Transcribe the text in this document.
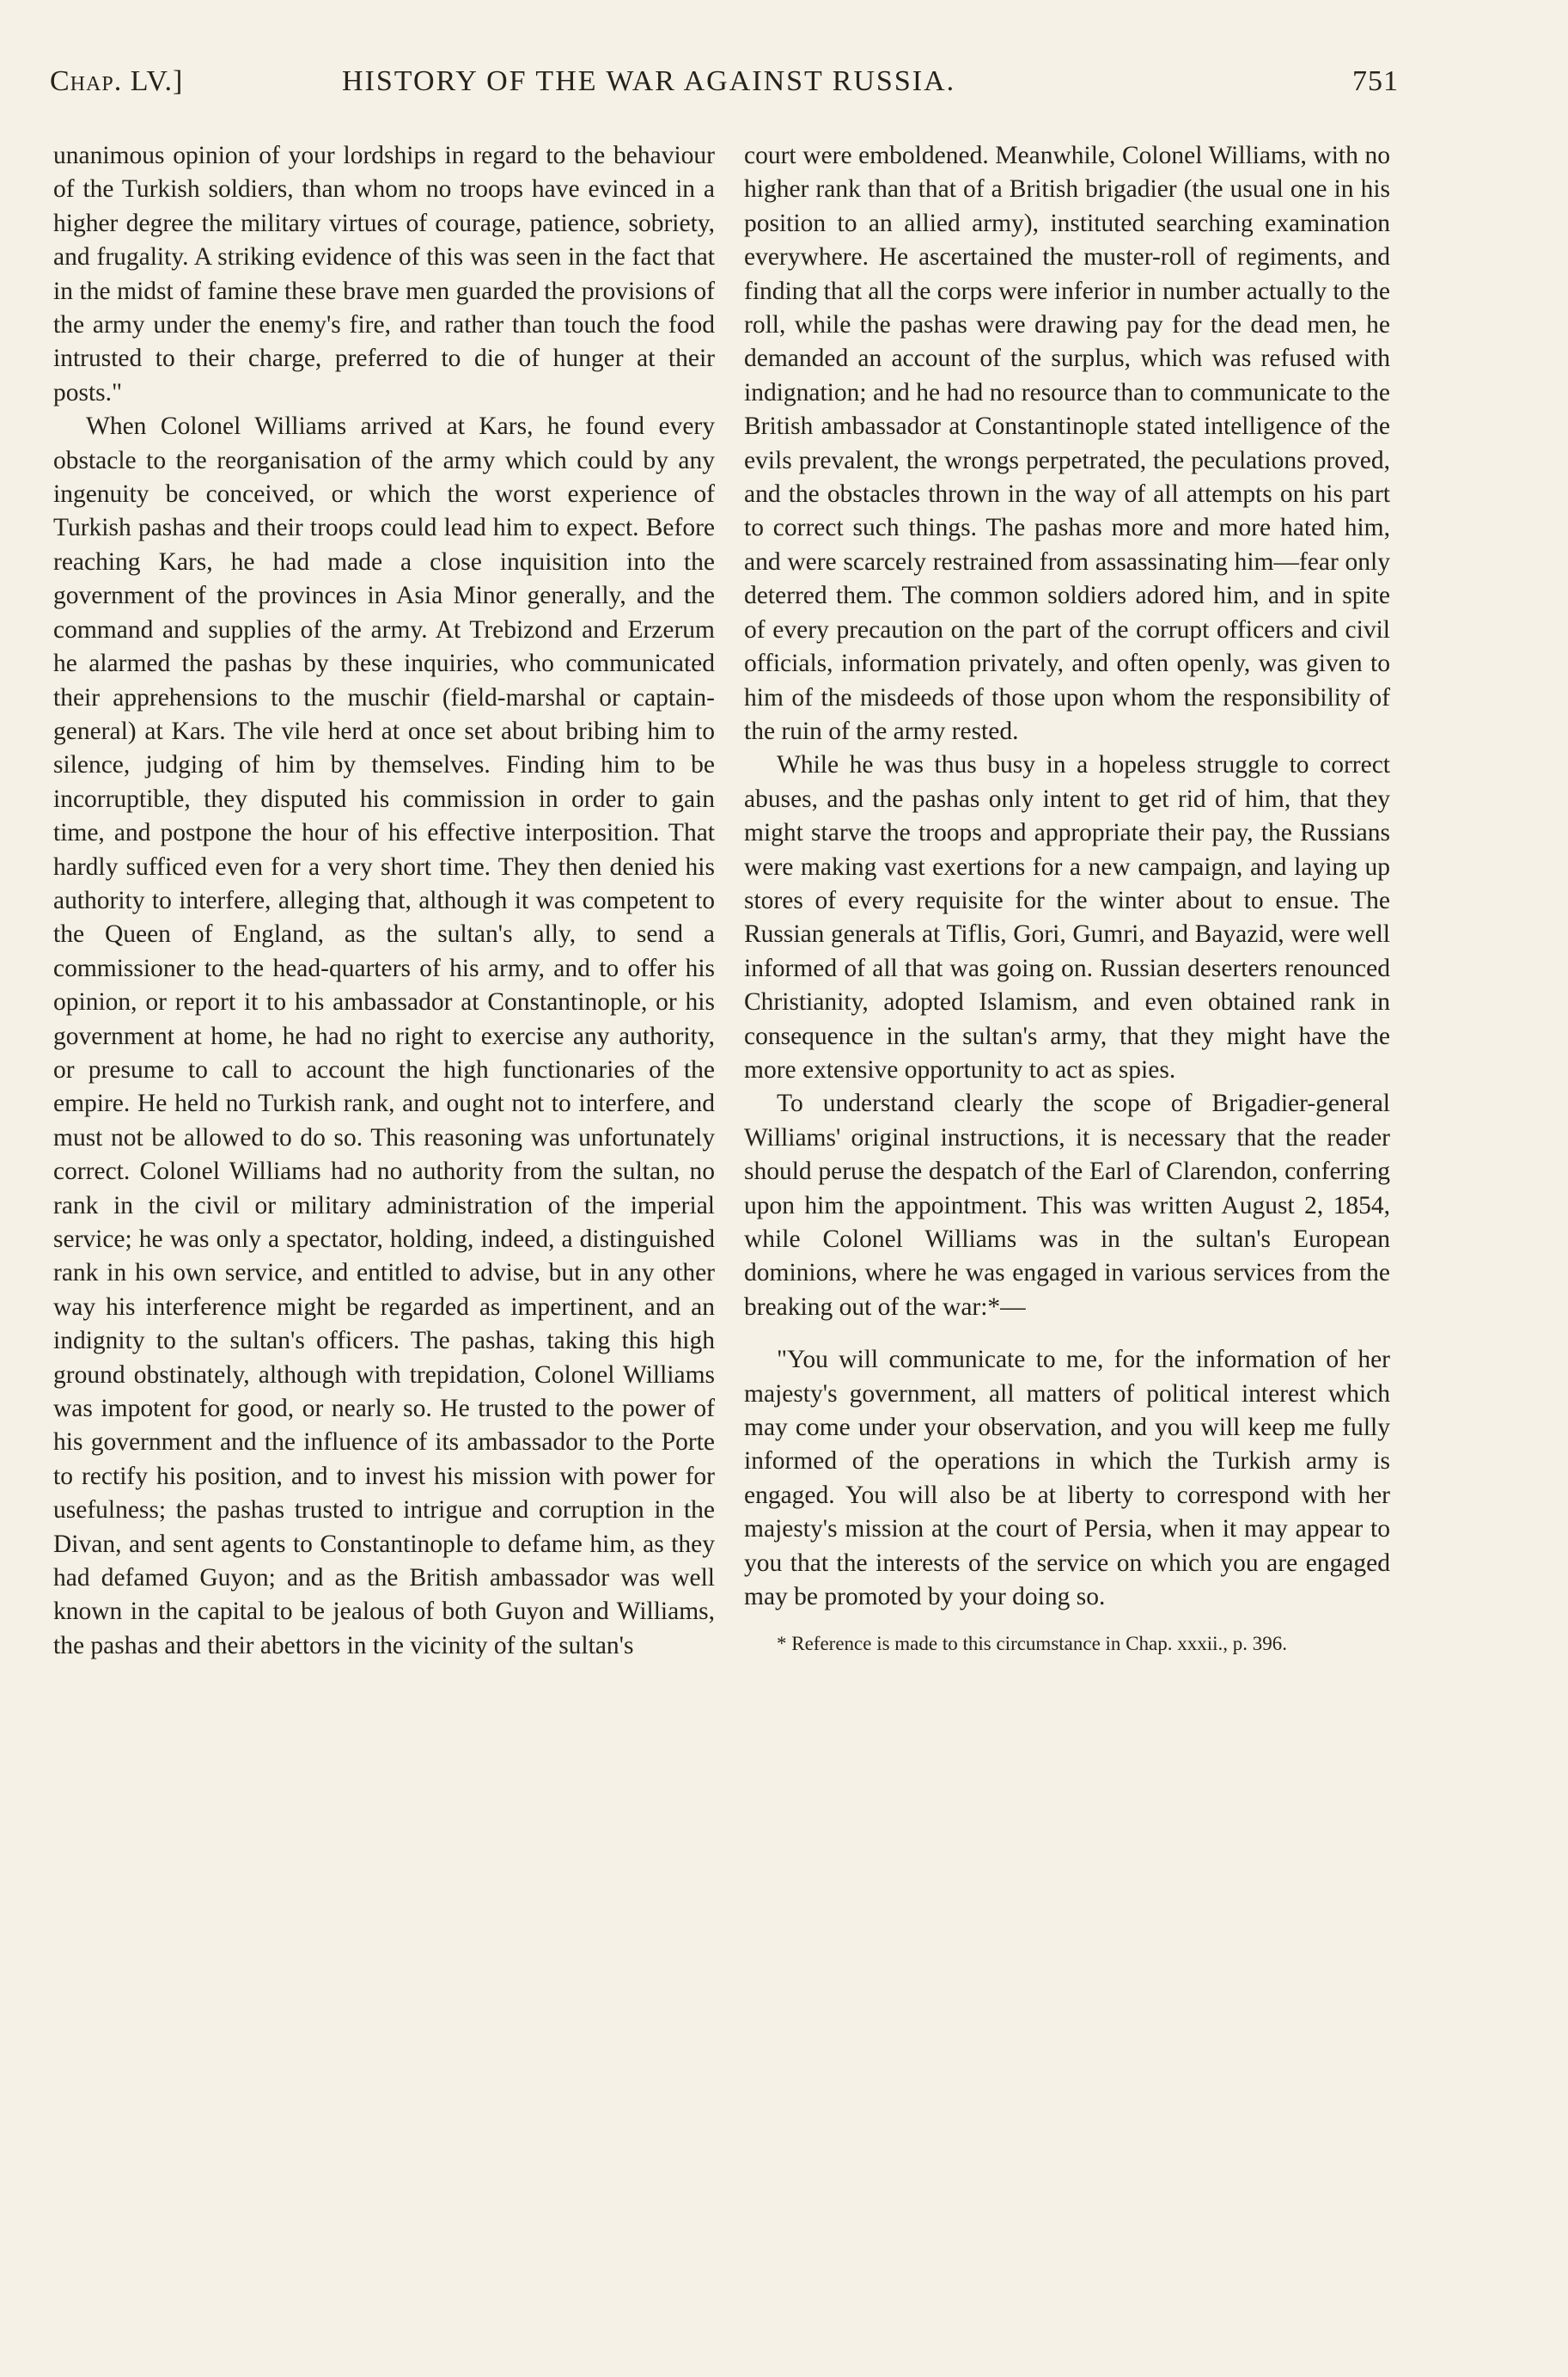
Chap. LV.]	HISTORY OF THE WAR AGAINST RUSSIA.	751

unanimous opinion of your lordships in regard to the behaviour of the Turkish soldiers, than whom no troops have evinced in a higher degree the military virtues of courage, patience, sobriety, and frugality. A striking evidence of this was seen in the fact that in the midst of famine these brave men guarded the provisions of the army under the enemy's fire, and rather than touch the food intrusted to their charge, preferred to die of hunger at their posts."

When Colonel Williams arrived at Kars, he found every obstacle to the reorganisation of the army which could by any ingenuity be conceived, or which the worst experience of Turkish pashas and their troops could lead him to expect. Before reaching Kars, he had made a close inquisition into the government of the provinces in Asia Minor generally, and the command and supplies of the army. At Trebizond and Erzerum he alarmed the pashas by these inquiries, who communicated their apprehensions to the muschir (field-marshal or captain-general) at Kars. The vile herd at once set about bribing him to silence, judging of him by themselves. Finding him to be incorruptible, they disputed his commission in order to gain time, and postpone the hour of his effective interposition. That hardly sufficed even for a very short time. They then denied his authority to interfere, alleging that, although it was competent to the Queen of England, as the sultan's ally, to send a commissioner to the head-quarters of his army, and to offer his opinion, or report it to his ambassador at Constantinople, or his government at home, he had no right to exercise any authority, or presume to call to account the high functionaries of the empire. He held no Turkish rank, and ought not to interfere, and must not be allowed to do so. This reasoning was unfortunately correct. Colonel Williams had no authority from the sultan, no rank in the civil or military administration of the imperial service; he was only a spectator, holding, indeed, a distinguished rank in his own service, and entitled to advise, but in any other way his interference might be regarded as impertinent, and an indignity to the sultan's officers. The pashas, taking this high ground obstinately, although with trepidation, Colonel Williams was impotent for good, or nearly so. He trusted to the power of his government and the influence of its ambassador to the Porte to rectify his position, and to invest his mission with power for usefulness; the pashas trusted to intrigue and corruption in the Divan, and sent agents to Constantinople to defame him, as they had defamed Guyon; and as the British ambassador was well known in the capital to be jealous of both Guyon and Williams, the pashas and their abettors in the vicinity of the sultan's

court were emboldened. Meanwhile, Colonel Williams, with no higher rank than that of a British brigadier (the usual one in his position to an allied army), instituted searching examination everywhere. He ascertained the muster-roll of regiments, and finding that all the corps were inferior in number actually to the roll, while the pashas were drawing pay for the dead men, he demanded an account of the surplus, which was refused with indignation; and he had no resource than to communicate to the British ambassador at Constantinople stated intelligence of the evils prevalent, the wrongs perpetrated, the peculations proved, and the obstacles thrown in the way of all attempts on his part to correct such things. The pashas more and more hated him, and were scarcely restrained from assassinating him—fear only deterred them. The common soldiers adored him, and in spite of every precaution on the part of the corrupt officers and civil officials, information privately, and often openly, was given to him of the misdeeds of those upon whom the responsibility of the ruin of the army rested.

While he was thus busy in a hopeless struggle to correct abuses, and the pashas only intent to get rid of him, that they might starve the troops and appropriate their pay, the Russians were making vast exertions for a new campaign, and laying up stores of every requisite for the winter about to ensue. The Russian generals at Tiflis, Gori, Gumri, and Bayazid, were well informed of all that was going on. Russian deserters renounced Christianity, adopted Islamism, and even obtained rank in consequence in the sultan's army, that they might have the more extensive opportunity to act as spies.

To understand clearly the scope of Brigadier-general Williams' original instructions, it is necessary that the reader should peruse the despatch of the Earl of Clarendon, conferring upon him the appointment. This was written August 2, 1854, while Colonel Williams was in the sultan's European dominions, where he was engaged in various services from the breaking out of the war:*—

"You will communicate to me, for the information of her majesty's government, all matters of political interest which may come under your observation, and you will keep me fully informed of the operations in which the Turkish army is engaged. You will also be at liberty to correspond with her majesty's mission at the court of Persia, when it may appear to you that the interests of the service on which you are engaged may be promoted by your doing so.

* Reference is made to this circumstance in Chap. xxxii., p. 396.
